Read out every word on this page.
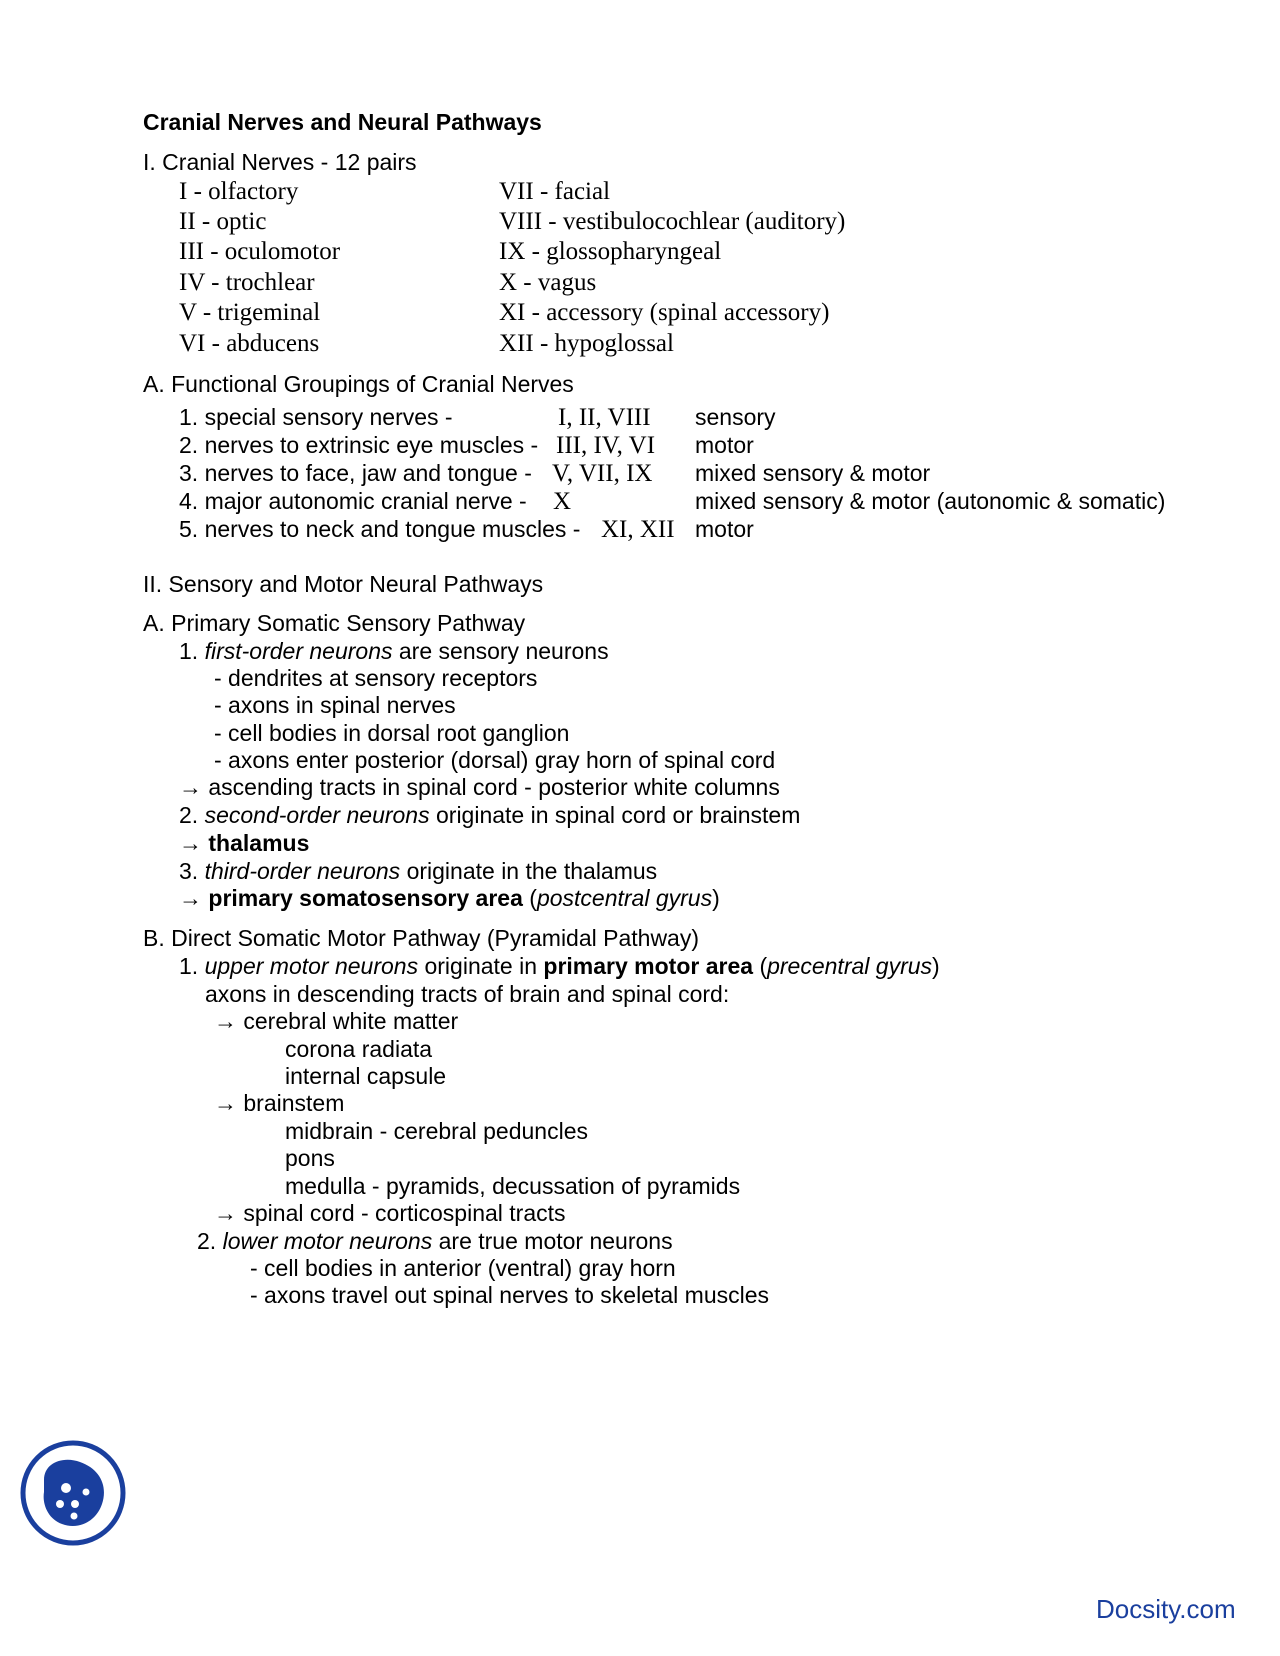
Cranial Nerves and Neural Pathways
I. Cranial Nerves - 12 pairs
I - olfactory
II - optic
III - oculomotor
IV - trochlear
V - trigeminal
VI - abducens
VII - facial
VIII - vestibulocochlear (auditory)
IX - glossopharyngeal
X - vagus
XI - accessory (spinal accessory)
XII - hypoglossal
A. Functional Groupings of Cranial Nerves
1. special sensory nerves -	I, II, VIII sensory
2. nerves to extrinsic eye muscles - III, IV, VI motor
3. nerves to face, jaw and tongue - V, VII, IX mixed sensory & motor
4. major autonomic cranial nerve - X	mixed sensory & motor (autonomic & somatic)
5. nerves to neck and tongue muscles - XI, XII motor
II. Sensory and Motor Neural Pathways
A. Primary Somatic Sensory Pathway
1. first-order neurons are sensory neurons
- dendrites at sensory receptors
- axons in spinal nerves
- cell bodies in dorsal root ganglion
- axons enter posterior (dorsal) gray horn of spinal cord
→ ascending tracts in spinal cord - posterior white columns
2. second-order neurons originate in spinal cord or brainstem
→ thalamus
3. third-order neurons originate in the thalamus
→ primary somatosensory area (postcentral gyrus)
B. Direct Somatic Motor Pathway (Pyramidal Pathway)
1. upper motor neurons originate in primary motor area (precentral gyrus)
axons in descending tracts of brain and spinal cord:
→ cerebral white matter
corona radiata
internal capsule
→ brainstem
midbrain - cerebral peduncles
pons
medulla - pyramids, decussation of pyramids
→ spinal cord - corticospinal tracts
2. lower motor neurons are true motor neurons
- cell bodies in anterior (ventral) gray horn
- axons travel out spinal nerves to skeletal muscles
Docsity.com
